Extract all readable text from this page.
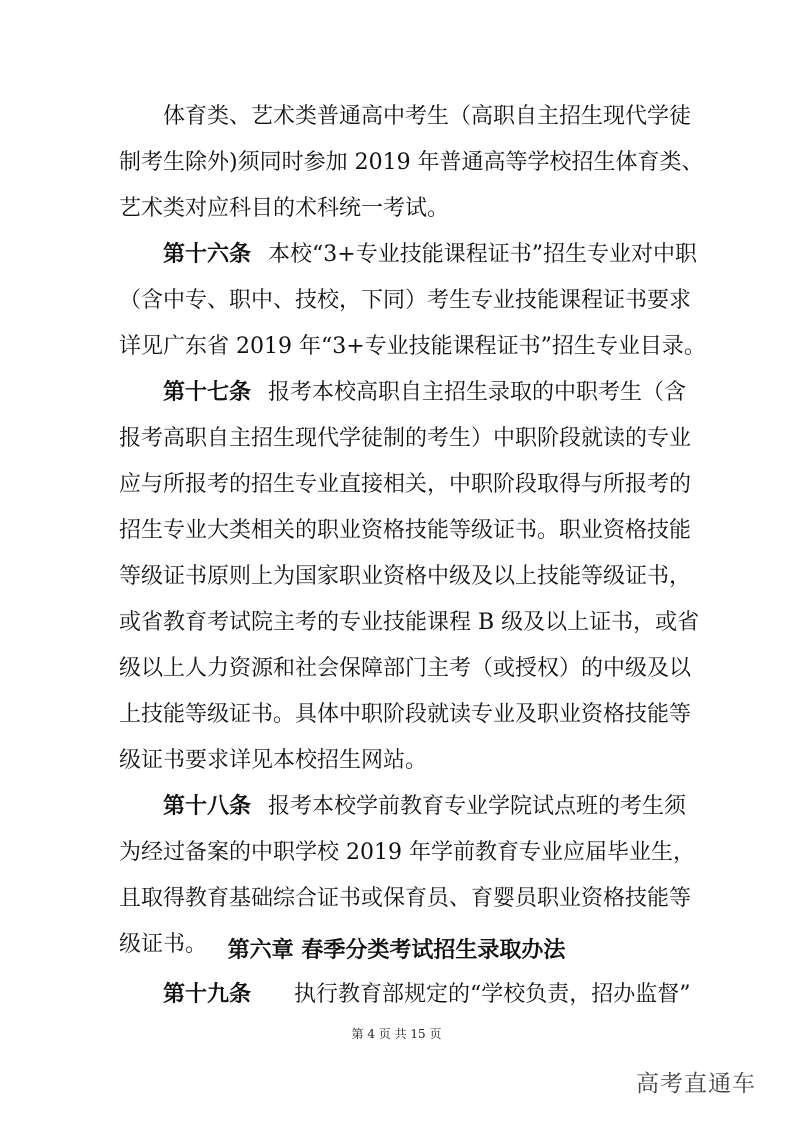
体育类、艺术类普通高中考生（高职自主招生现代学徒
制考生除外)须同时参加 2019 年普通高等学校招生体育类、
艺术类对应科目的术科统一考试。
第十六条 本校“3+专业技能课程证书”招生专业对中职
（含中专、职中、技校，下同）考生专业技能课程证书要求
详见广东省 2019 年“3+专业技能课程证书”招生专业目录。
第十七条 报考本校高职自主招生录取的中职考生（含
报考高职自主招生现代学徒制的考生）中职阶段就读的专业
应与所报考的招生专业直接相关，中职阶段取得与所报考的
招生专业大类相关的职业资格技能等级证书。职业资格技能
等级证书原则上为国家职业资格中级及以上技能等级证书，
或省教育考试院主考的专业技能课程 B 级及以上证书，或省
级以上人力资源和社会保障部门主考（或授权）的中级及以
上技能等级证书。具体中职阶段就读专业及职业资格技能等
级证书要求详见本校招生网站。
第十八条 报考本校学前教育专业学院试点班的考生须
为经过备案的中职学校 2019 年学前教育专业应届毕业生，
且取得教育基础综合证书或保育员、育婴员职业资格技能等
级证书。 第六章 春季分类考试招生录取办法
第十九条 执行教育部规定的“学校负责，招办监督”
第 4 页 共 15 页
高考直通车
